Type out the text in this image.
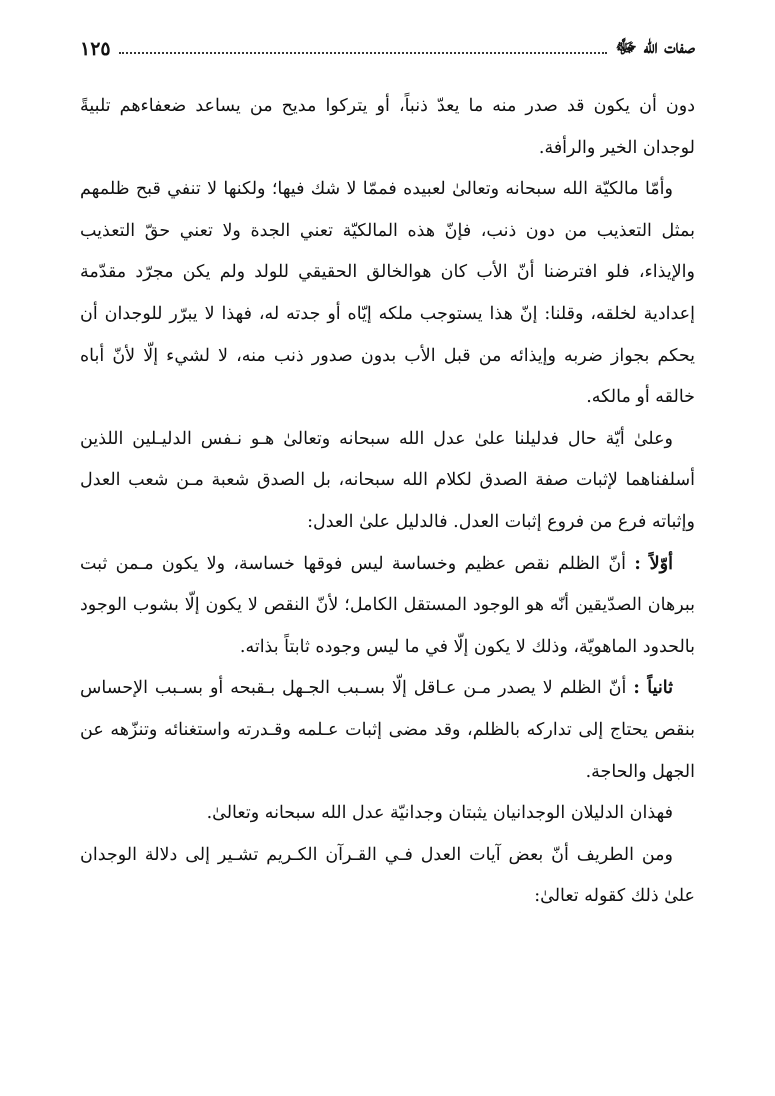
صفات الله ﷻ
١٢٥

دون أن يكون قد صدر منه ما يعدّ ذنباً، أو يتركوا مديح من يساعد ضعفاءهم تلبيةً لوجدان الخير والرأفة.

وأمّا مالكيّة الله سبحانه وتعالىٰ لعبيده فممّا لا شك فيها؛ ولكنها لا تنفي قبح ظلمهم بمثل التعذيب من دون ذنب، فإنّ هذه المالكيّة تعني الجدة ولا تعني حقّ التعذيب والإيذاء، فلو افترضنا أنّ الأب كان هوالخالق الحقيقي للولد ولم يكن مجرّد مقدّمة إعدادية لخلقه، وقلنا: إنّ هذا يستوجب ملكه إيّاه أو جدته له، فهذا لا يبرّر للوجدان أن يحكم بجواز ضربه وإيذائه من قبل الأب بدون صدور ذنب منه، لا لشيء إلّا لأنّ أباه خالقه أو مالكه.

وعلىٰ أيّة حال فدليلنا علىٰ عدل الله سبحانه وتعالىٰ هـو نـفس الدليـلين اللذين أسلفناهما لإثبات صفة الصدق لكلام الله سبحانه، بل الصدق شعبة مـن شعب العدل وإثباته فرع من فروع إثبات العدل. فالدليل علىٰ العدل:

أوّلاً : أنّ الظلم نقص عظيم وخساسة ليس فوقها خساسة، ولا يكون مـمن ثبت ببرهان الصدّيقين أنّه هو الوجود المستقل الكامل؛ لأنّ النقص لا يكون إلّا بشوب الوجود بالحدود الماهويّة، وذلك لا يكون إلّا في ما ليس وجوده ثابتاً بذاته.

ثانياً : أنّ الظلم لا يصدر مـن عـاقل إلّا بسـبب الجـهل بـقبحه أو بسـبب الإحساس بنقص يحتاج إلى تداركه بالظلم، وقد مضى إثبات عـلمه وقـدرته واستغنائه وتنزّهه عن الجهل والحاجة.

فهذان الدليلان الوجدانيان يثبتان وجدانيّة عدل الله سبحانه وتعالىٰ.

ومن الطريف أنّ بعض آيات العدل فـي القـرآن الكـريم تشـير إلى دلالة الوجدان علىٰ ذلك كقوله تعالىٰ:
